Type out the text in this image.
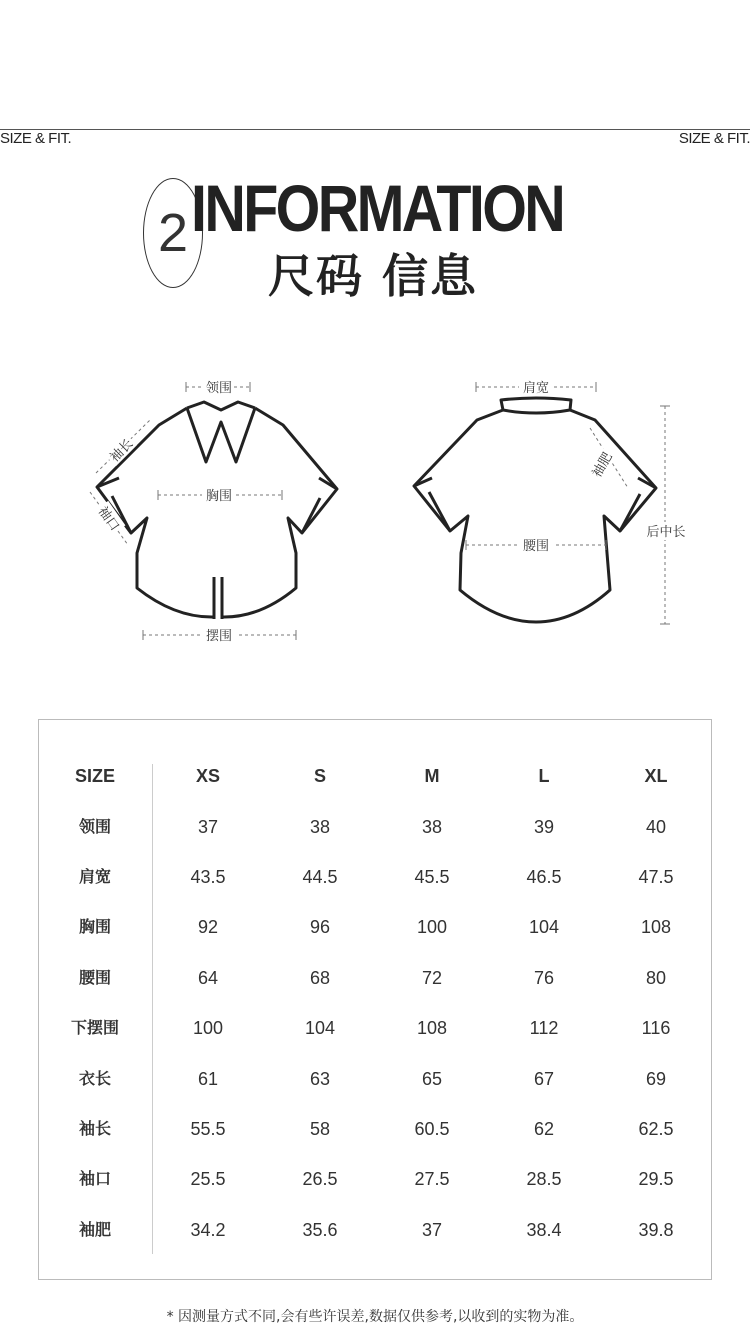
SIZE & FIT.	SIZE & FIT.
2 INFORMATION
尺码 信息
领围
胸围
摆围
袖长
袖口
肩宽
腰围
袖肥
后中长
SIZE	XS	S	M	L	XL
领围	37	38	38	39	40
肩宽	43.5	44.5	45.5	46.5	47.5
胸围	92	96	100	104	108
腰围	64	68	72	76	80
下摆围	100	104	108	112	116
衣长	61	63	65	67	69
袖长	55.5	58	60.5	62	62.5
袖口	25.5	26.5	27.5	28.5	29.5
袖肥	34.2	35.6	37	38.4	39.8
* 因测量方式不同,会有些许误差,数据仅供参考,以收到的实物为准。
